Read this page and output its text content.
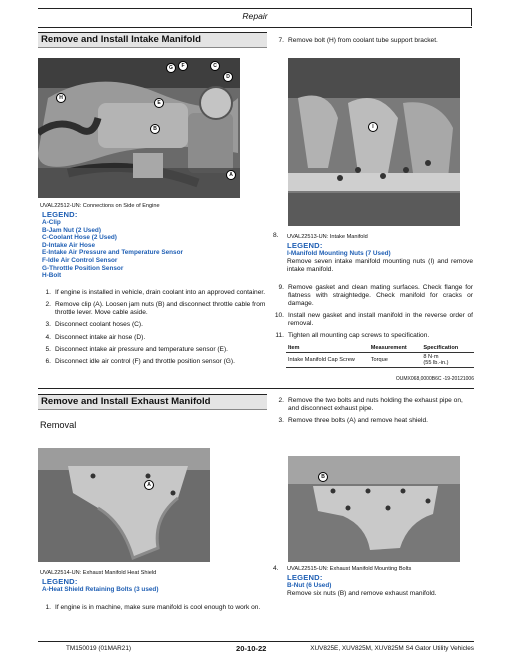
Repair
Remove and Install Intake Manifold
G	F	C
D
H
E
B
A
UVAL22512-UN: Connections on Side of Engine
LEGEND:
A-Clip
B-Jam Nut (2 Used)
C-Coolant Hose (2 Used)
D-Intake Air Hose
E-Intake Air Pressure and Temperature Sensor
F-Idle Air Control Sensor
G-Throttle Position Sensor
H-Bolt
1. If engine is installed in vehicle, drain coolant into an approved container.
2. Remove clip (A). Loosen jam nuts (B) and disconnect throttle cable from throttle lever. Move cable aside.
3. Disconnect coolant hoses (C).
4. Disconnect intake air hose (D).
5. Disconnect intake air pressure and temperature sensor (E).
6. Disconnect idle air control (F) and throttle position sensor (G).
7. Remove bolt (H) from coolant tube support bracket.
I
UVAL22513-UN: Intake Manifold
8.
LEGEND:
I-Manifold Mounting Nuts (7 Used)
Remove seven intake manifold mounting nuts (I) and remove intake manifold.
9. Remove gasket and clean mating surfaces. Check flange for flatness with straightedge. Check manifold for cracks or damage.
10. Install new gasket and install manifold in the reverse order of removal.
11. Tighten all mounting cap screws to specification.
Item	Measurement	Specification
Intake Manifold Cap Screw	Torque	8 N·m
(55 lb.-in.)
OUMX068,0000B6C -19-20121006
Remove and Install Exhaust Manifold
Removal
A
UVAL22514-UN: Exhaust Manifold Heat Shield
LEGEND:
A-Heat Shield Retaining Bolts (3 used)
1. If engine is in machine, make sure manifold is cool enough to work on.
2. Remove the two bolts and nuts holding the exhaust pipe on, and disconnect exhaust pipe.
3. Remove three bolts (A) and remove heat shield.
B
4.	UVAL22515-UN: Exhaust Manifold Mounting Bolts
LEGEND:
B-Nut (6 Used)
Remove six nuts (B) and remove exhaust manifold.
TM150019 (01MAR21)	20-10-22	XUV825E, XUV825M, XUV825M S4 Gator Utility Vehicles
